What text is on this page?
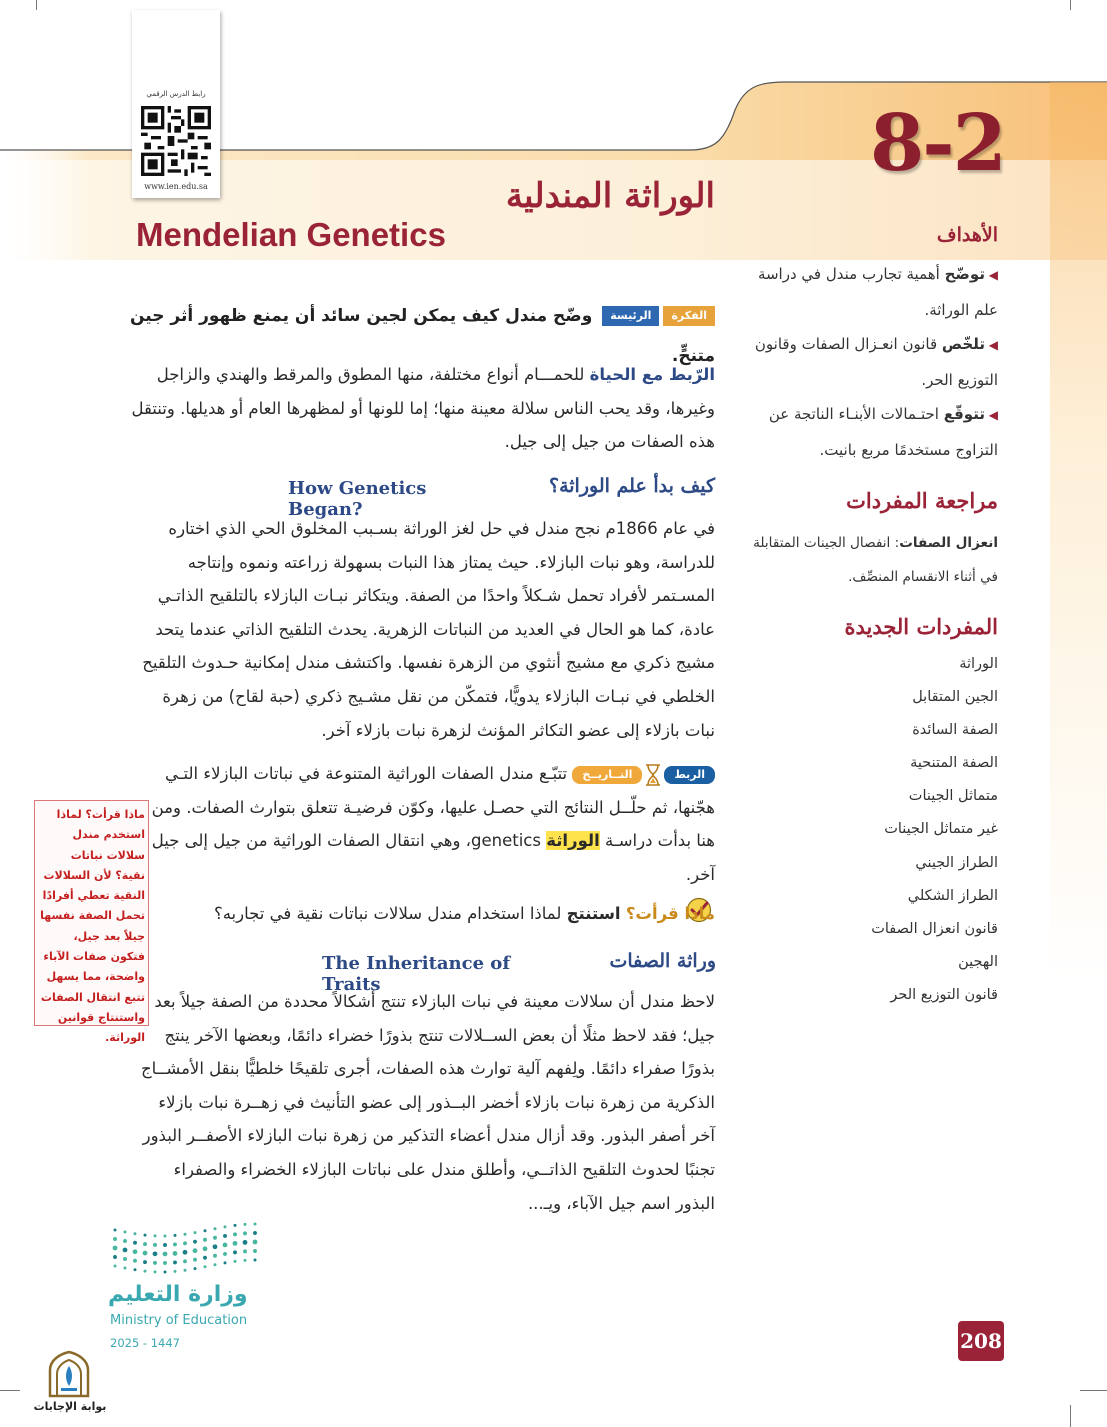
8-2
رابط الدرس الرقمي
www.ien.edu.sa	الوراثة المندلية
Mendelian Genetics
الفكرةالرئيسة وضّح مندل كيف يمكن لجين سائد أن يمنع ظهور أثر جين متنحٍّ.
الرّبط مع الحياة للحمـــام أنواع مختلفة، منها المطوق والمرقط والهندي والزاجل وغيرها، وقد يحب الناس سلالة معينة منها؛ إما للونها أو لمظهرها العام أو هديلها. وتنتقل هذه الصفات من جيل إلى جيل.
كيف بدأ علم الوراثة؟
How Genetics Began?
في عام 1866م نجح مندل في حل لغز الوراثة بسـبب المخلوق الحي الذي اختاره للدراسة، وهو نبات البازلاء. حيث يمتاز هذا النبات بسهولة زراعته ونموه وإنتاجه المسـتمر لأفراد تحمل شـكلاً واحدًا من الصفة. ويتكاثر نبـات البازلاء بالتلقيح الذاتـي عادة، كما هو الحال في العديد من النباتات الزهرية. يحدث التلقيح الذاتي عندما يتحد مشيج ذكري مع مشيج أنثوي من الزهرة نفسها. واكتشف مندل إمكانية حـدوث التلقيح الخلطي في نبـات البازلاء يدويًّا، فتمكّن من نقل مشـيج ذكري (حبة لقاح) من زهرة نبات بازلاء إلى عضو التكاثر المؤنث لزهرة نبات بازلاء آخر.
الربطالتــاريــخ تتبّـع مندل الصفات الوراثية المتنوعة في نباتات البازلاء التـي هجّنها، ثم حلّــل النتائج التي حصـل عليها، وكوّن فرضيـة تتعلق بتوارث الصفات. ومن هنا بدأت دراسـة الوراثة genetics، وهي انتقال الصفات الوراثية من جيل إلى جيل آخر.
ماذا قرأت؟ استنتج لماذا استخدام مندل سلالات نباتات نقية في تجاربه؟
ماذا قرأت؟ لماذا استخدم مندل سلالات نباتات نقية؟ لأن السلالات النقية تعطي أفرادًا تحمل الصفة نفسها جيلاً بعد جيل، فتكون صفات الآباء واضحة، مما يسهل تتبع انتقال الصفات واستنتاج قوانين الوراثة.
وراثة الصفات
The Inheritance of Traits
لاحظ مندل أن سلالات معينة في نبات البازلاء تنتج أشكالاً محددة من الصفة جيلاً بعد جيل؛ فقد لاحظ مثلًا أن بعض الســلالات تنتج بذورًا خضراء دائمًا، وبعضها الآخر ينتج بذورًا صفراء دائمًا. ولِفهم آلية توارث هذه الصفات، أجرى تلقيحًا خلطيًّا بنقل الأمشــاج الذكرية من زهرة نبات بازلاء أخضر البــذور إلى عضو التأنيث في زهــرة نبات بازلاء آخر أصفر البذور. وقد أزال مندل أعضاء التذكير من زهرة نبات البازلاء الأصفــر البذور تجنبًا لحدوث التلقيح الذاتــي، وأطلق مندل على نباتات البازلاء الخضراء والصفراء البذور اسم جيل الآباء، ويـ...
الأهداف
◀ توضّح أهمية تجارب مندل في دراسة علم الوراثة.
◀ تلخّص قانون انعـزال الصفات وقانون التوزيع الحر.
◀ تتوقّع احتـمالات الأبنـاء الناتجة عن التزاوج مستخدمًا مربع بانيت.
مراجعة المفردات
انعزال الصفات: انفصال الجينات المتقابلة في أثناء الانقسام المنصِّف.
المفردات الجديدة
الوراثة
الجين المتقابل
الصفة السائدة
الصفة المتنحية
متماثل الجينات
غير متماثل الجينات
الطراز الجيني
الطراز الشكلي
قانون انعزال الصفات
الهجين
قانون التوزيع الحر
وزارة التعليم
Ministry of Education
2025 - 1447	208
بوابة الإجابات
